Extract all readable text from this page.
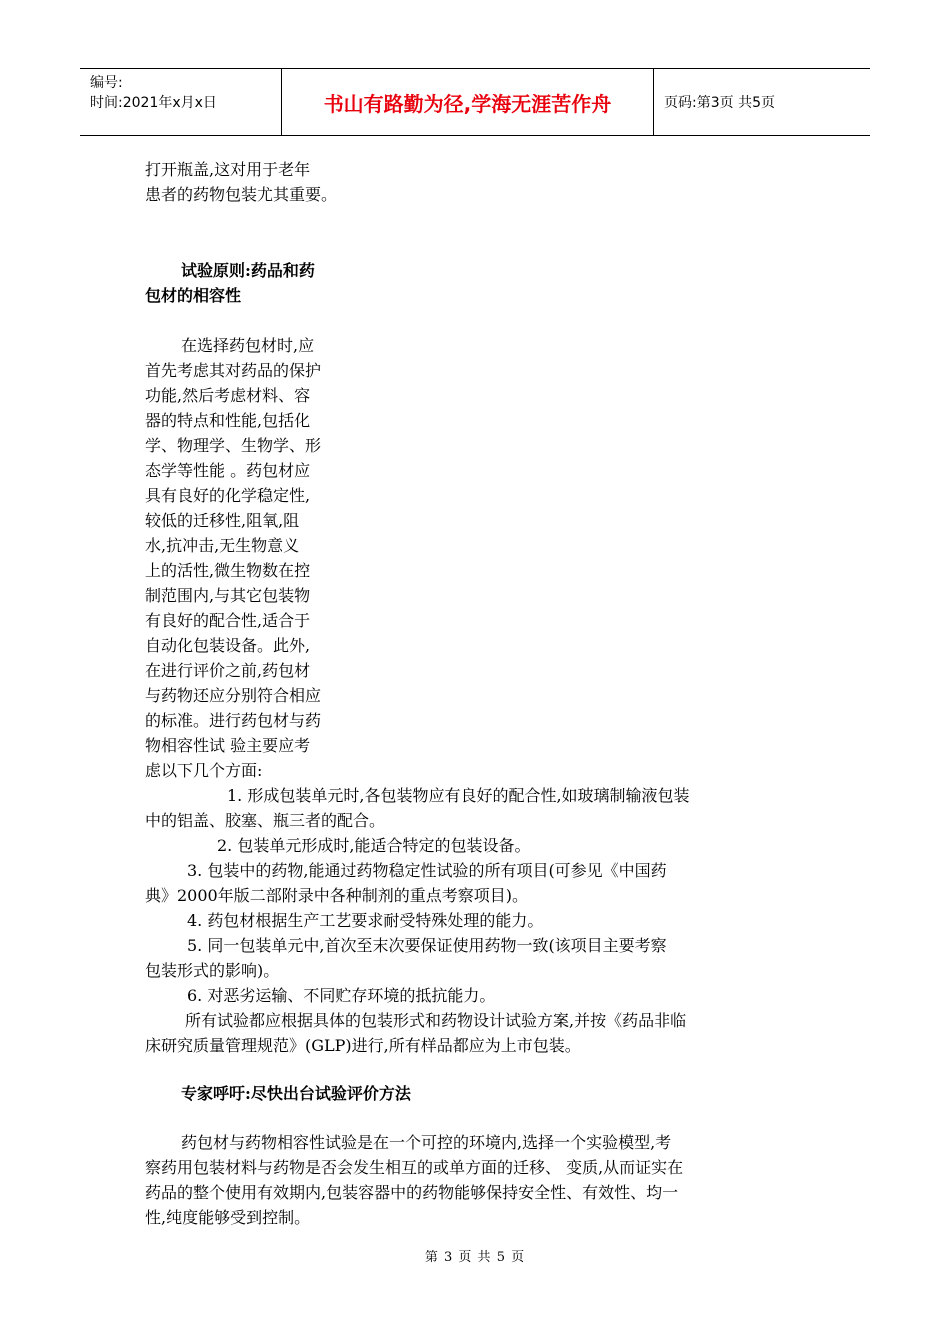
编号:
时间:2021年x月x日	书山有路勤为径,学海无涯苦作舟	页码:第3页 共5页

打开瓶盖,这对用于老年

患者的药物包装尤其重要。

试验原则:药品和药

包材的相容性

在选择药包材时,应

首先考虑其对药品的保护

功能,然后考虑材料、容

器的特点和性能,包括化

学、物理学、生物学、形

态学等性能 。药包材应

具有良好的化学稳定性,

较低的迁移性,阻氧,阻

水,抗冲击,无生物意义

上的活性,微生物数在控

制范围内,与其它包装物

有良好的配合性,适合于

自动化包装设备。此外,

在进行评价之前,药包材

与药物还应分别符合相应

的标准。进行药包材与药

物相容性试 验主要应考

虑以下几个方面:

1. 形成包装单元时,各包装物应有良好的配合性,如玻璃制输液包装

中的铝盖、胶塞、瓶三者的配合。

2. 包装单元形成时,能适合特定的包装设备。

3. 包装中的药物,能通过药物稳定性试验的所有项目(可参见《中国药

典》2000年版二部附录中各种制剂的重点考察项目)。

4. 药包材根据生产工艺要求耐受特殊处理的能力。

5. 同一包装单元中,首次至末次要保证使用药物一致(该项目主要考察

包装形式的影响)。

6. 对恶劣运输、不同贮存环境的抵抗能力。

所有试验都应根据具体的包装形式和药物设计试验方案,并按《药品非临

床研究质量管理规范》(GLP)进行,所有样品都应为上市包装。

专家呼吁:尽快出台试验评价方法

药包材与药物相容性试验是在一个可控的环境内,选择一个实验模型,考

察药用包装材料与药物是否会发生相互的或单方面的迁移、 变质,从而证实在

药品的整个使用有效期内,包装容器中的药物能够保持安全性、有效性、均一

性,纯度能够受到控制。

第 3 页 共 5 页
